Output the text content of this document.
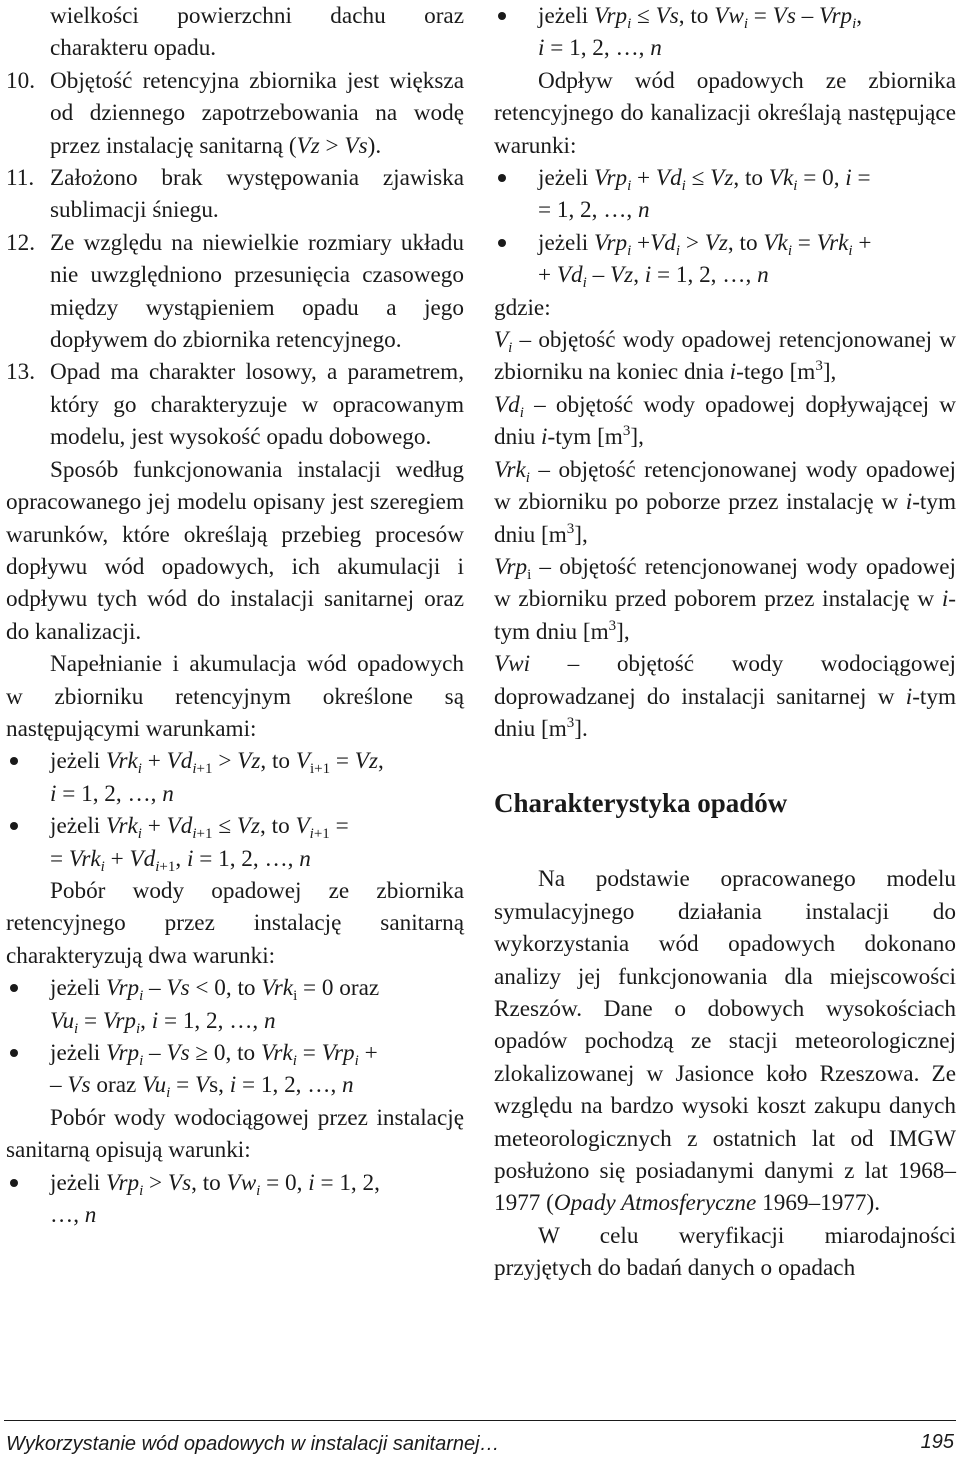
wielkości powierzchni dachu oraz charakteru opadu.

10. Objętość retencyjna zbiornika jest większa od dziennego zapotrzebowania na wodę przez instalację sanitarną (Vz > Vs).
11. Założono brak występowania zjawiska sublimacji śniegu.
12. Ze względu na niewielkie rozmiary układu nie uwzględniono przesunięcia czasowego między wystąpieniem opadu a jego dopływem do zbiornika retencyjnego.
13. Opad ma charakter losowy, a parametrem, który go charakteryzuje w opracowanym modelu, jest wysokość opadu dobowego.

Sposób funkcjonowania instalacji według opracowanego jej modelu opisany jest szeregiem warunków, które określają przebieg procesów dopływu wód opadowych, ich akumulacji i odpływu tych wód do instalacji sanitarnej oraz do kanalizacji.

Napełnianie i akumulacja wód opadowych w zbiorniku retencyjnym określone są następującymi warunkami:

jeżeli $Vrk_i + Vd_{i+1} > Vz$, to $V_{i+1} = Vz$,
i = 1, 2, …, n
jeżeli $Vrk_i + Vd_{i+1} \le Vz$, to $V_{i+1}$ =
= $Vrk_i + Vd_{i+1}$, i = 1, 2, …, n

Pobór wody opadowej ze zbiornika retencyjnego przez instalację sanitarną charakteryzują dwa warunki:

jeżeli Vrp$_i$ – Vs < 0, to Vrk$_i$ = 0 oraz
$Vu_i = Vrp_i$, i = 1, 2, …, n
jeżeli Vrp$_i$ – Vs ≥ 0, to Vrk$_i$ = Vrp$_i$ +
– Vs oraz $Vu_i = Vs$, i = 1, 2, …, n

Pobór wody wodociągowej przez instalację sanitarną opisują warunki:

jeżeli Vrp$_i$ > Vs, to $Vw_i = 0$, i = 1, 2,
…, n
jeżeli Vrp$_i$ ≤ Vs, to $Vw_i = Vs - Vrp_i$,
i = 1, 2, …, n

Odpływ wód opadowych ze zbiornika retencyjnego do kanalizacji określają następujące warunki:

jeżeli $Vrp_i + Vd_i \le Vz$, to $Vk_i = 0$, i =
= 1, 2, …, n
jeżeli $Vrp_i +Vd_i > Vz$, to $Vk_i = Vrk_i$ +
+ $Vd_i$ – Vz, i = 1, 2, …, n

gdzie:

$V_i$ – objętość wody opadowej retencjonowanej w zbiorniku na koniec dnia i-tego $[m^3]$,

$Vd_i$ – objętość wody opadowej dopływającej w dniu i-tym $[m^3]$,

Vrk$_i$ – objętość retencjonowanej wody opadowej w zbiorniku po poborze przez instalację w i-tym dniu $[m^3]$,

Vrp$_i$ – objętość retencjonowanej wody opadowej w zbiorniku przed poborem przez instalację w i-tym dniu $[m^3]$,

Vwi – objętość wody wodociągowej doprowadzanej do instalacji sanitarnej w i-tym dniu $[m^3]$.

Charakterystyka opadów

Na podstawie opracowanego modelu symulacyjnego działania instalacji do wykorzystania wód opadowych dokonano analizy jej funkcjonowania dla miejscowości Rzeszów. Dane o dobowych wysokościach opadów pochodzą ze stacji meteorologicznej zlokalizowanej w Jasionce koło Rzeszowa. Ze względu na bardzo wysoki koszt zakupu danych meteorologicznych z ostatnich lat od IMGW posłużono się posiadanymi danymi z lat 1968–1977 (Opady Atmosferyczne 1969–1977).

W celu weryfikacji miarodajności przyjętych do badań danych o opadach

Wykorzystanie wód opadowych w instalacji sanitarnej…	195
